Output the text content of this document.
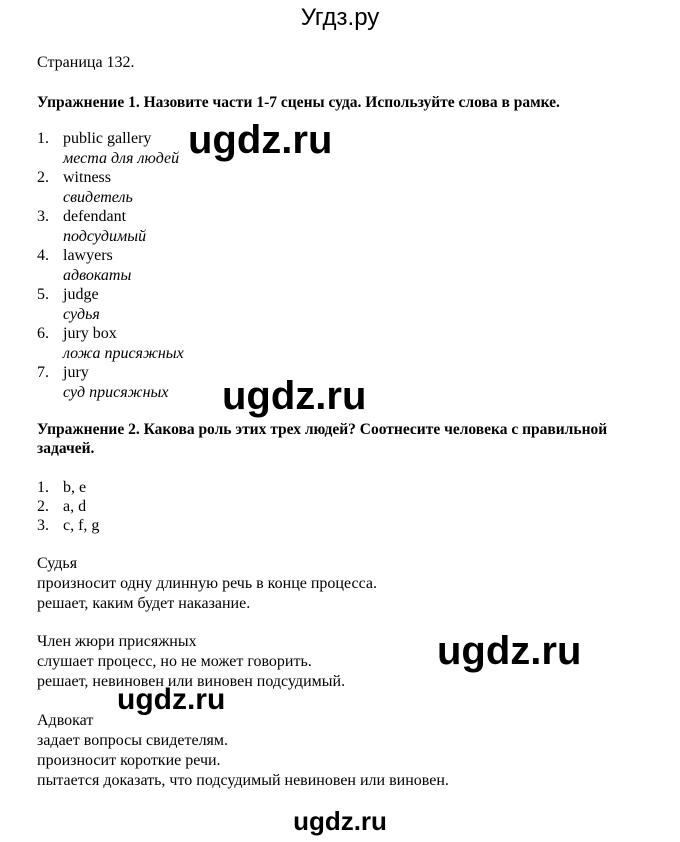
Угдз.ру
Страница 132.
Упражнение 1. Назовите части 1-7 сцены суда. Используйте слова в рамке.
1. public gallery
места для людей
2. witness
свидетель
3. defendant
подсудимый
4. lawyers
адвокаты
5. judge
судья
6. jury box
ложа присяжных
7. jury
суд присяжных
Упражнение 2. Какова роль этих трех людей? Соотнесите человека с правильной задачей.
1. b, e
2. a, d
3. c, f, g
Судья
произносит одну длинную речь в конце процесса.
решает, каким будет наказание.
Член жюри присяжных
слушает процесс, но не может говорить.
решает, невиновен или виновен подсудимый.
Адвокат
задает вопросы свидетелям.
произносит короткие речи.
пытается доказать, что подсудимый невиновен или виновен.
ugdz.ru
ugdz.ru
ugdz.ru
ugdz.ru
ugdz.ru
